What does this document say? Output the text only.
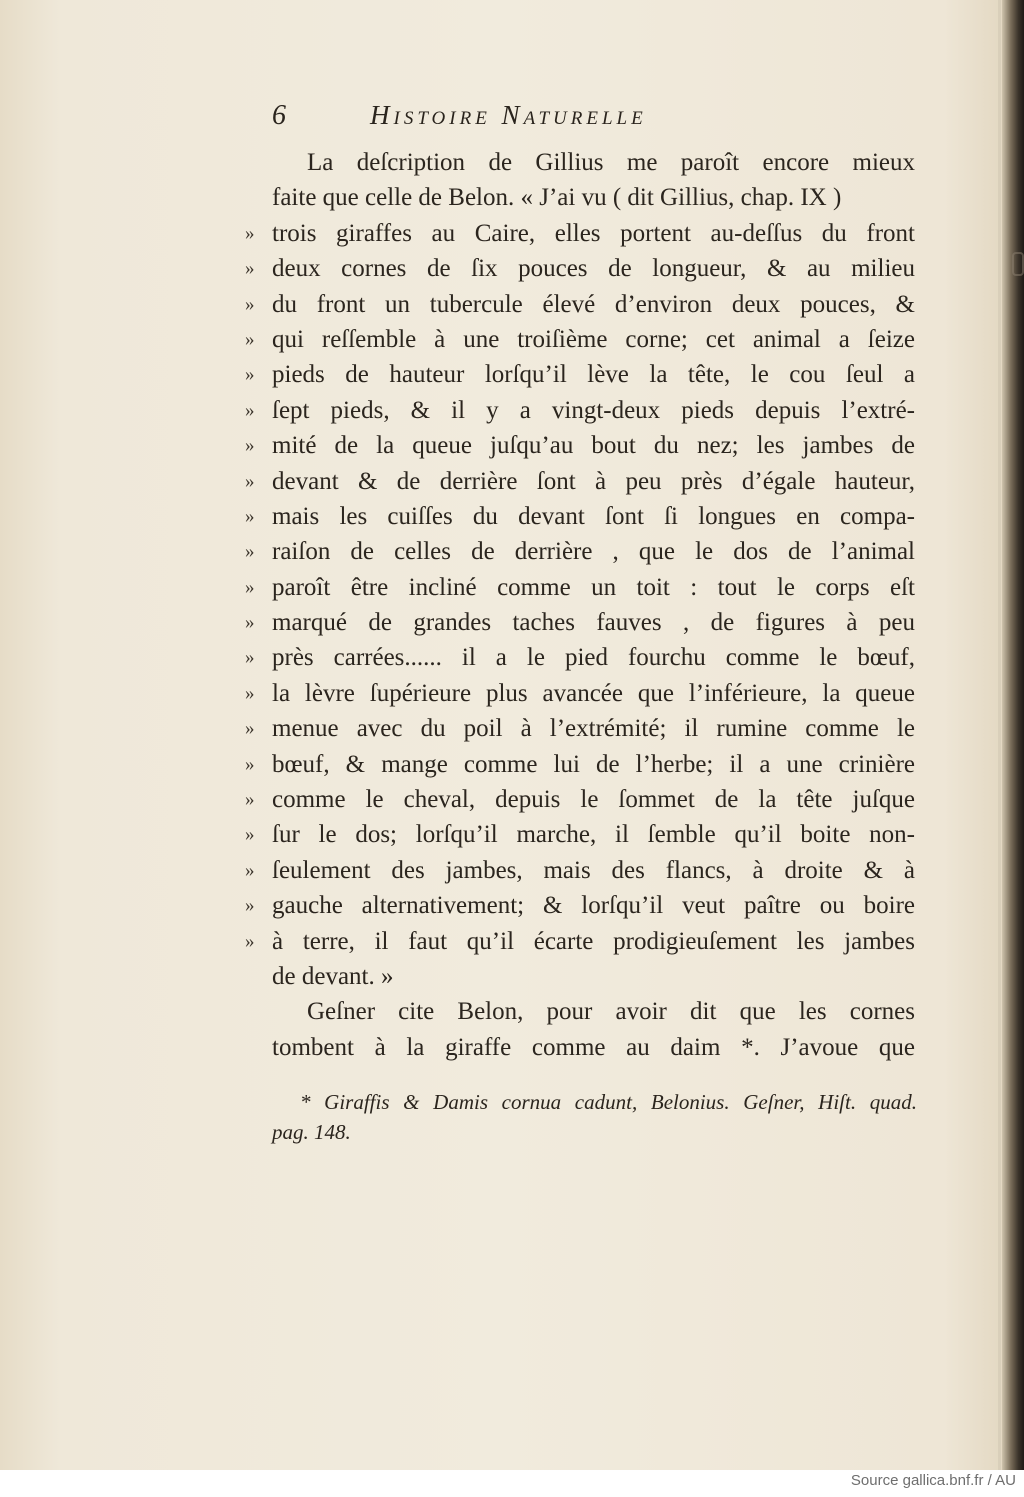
6	Histoire Naturelle
La deſcription de Gillius me paroît encore mieux
faite que celle de Belon. « J’ai vu ( dit Gillius, chap. IX )
» trois giraffes au Caire, elles portent au-deſſus du front
» deux cornes de ſix pouces de longueur, & au milieu
» du front un tubercule élevé d’environ deux pouces, &
» qui reſſemble à une troiſième corne; cet animal a ſeize
» pieds de hauteur lorſqu’il lève la tête, le cou ſeul a
» ſept pieds, & il y a vingt-deux pieds depuis l’extré-
» mité de la queue juſqu’au bout du nez; les jambes de
» devant & de derrière ſont à peu près d’égale hauteur,
» mais les cuiſſes du devant ſont ſi longues en compa-
» raiſon de celles de derrière , que le dos de l’animal
» paroît être incliné comme un toit : tout le corps eſt
» marqué de grandes taches fauves , de figures à peu
» près carrées...... il a le pied fourchu comme le bœuf,
» la lèvre ſupérieure plus avancée que l’inférieure, la queue
» menue avec du poil à l’extrémité; il rumine comme le
» bœuf, & mange comme lui de l’herbe; il a une crinière
» comme le cheval, depuis le ſommet de la tête juſque
» ſur le dos; lorſqu’il marche, il ſemble qu’il boite non-
» ſeulement des jambes, mais des flancs, à droite & à
» gauche alternativement; & lorſqu’il veut paître ou boire
» à terre, il faut qu’il écarte prodigieuſement les jambes
de devant. »
Geſner cite Belon, pour avoir dit que les cornes
tombent à la giraffe comme au daim *. J’avoue que
* Giraffis & Damis cornua cadunt, Belonius. Geſner, Hiſt. quad.
pag. 148.
Source gallica.bnf.fr / AU
